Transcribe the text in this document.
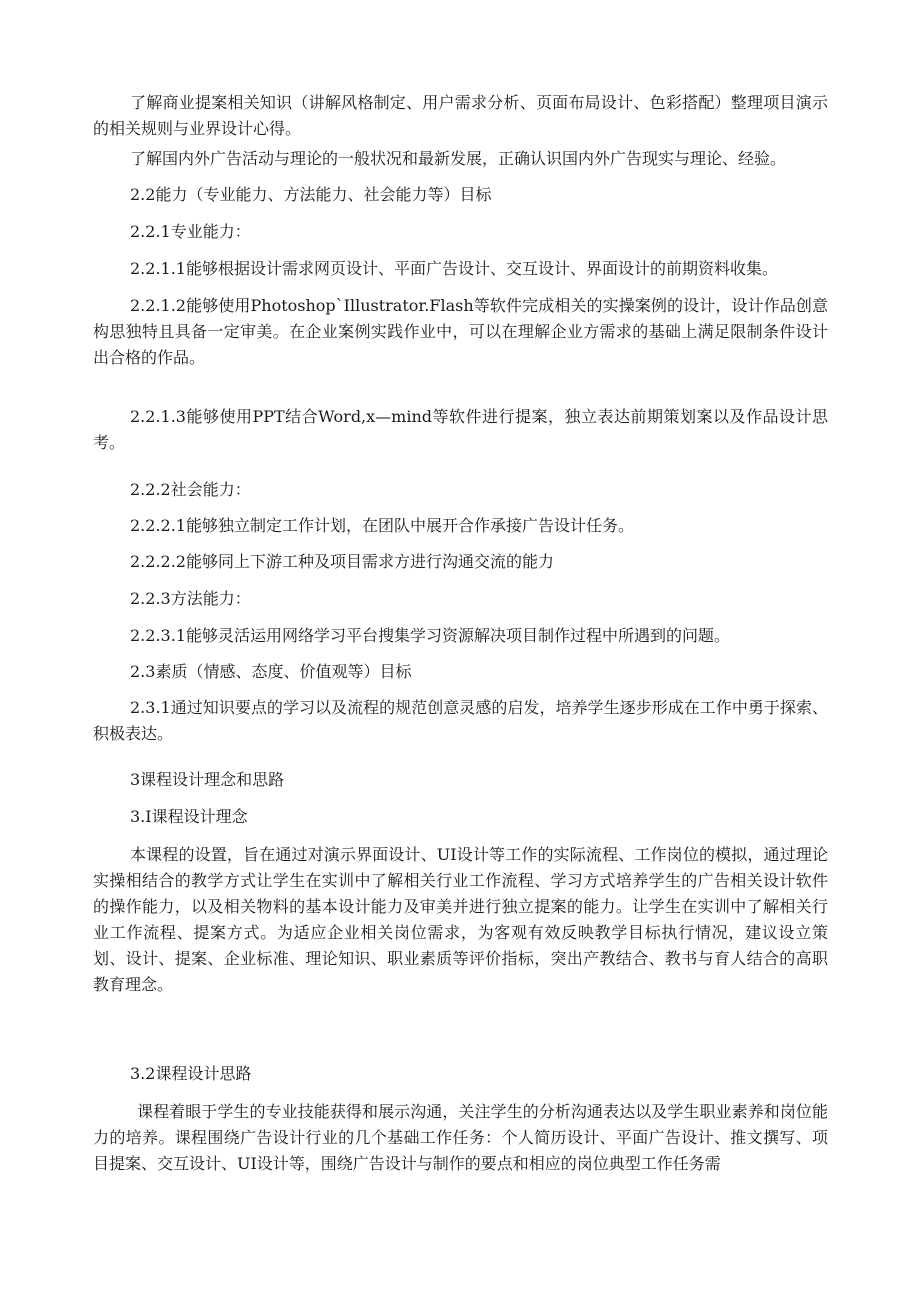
了解商业提案相关知识（讲解风格制定、用户需求分析、页面布局设计、色彩搭配）整理项目演示的相关规则与业界设计心得。

了解国内外广告活动与理论的一般状况和最新发展，正确认识国内外广告现实与理论、经验。

2.2能力（专业能力、方法能力、社会能力等）目标

2.2.1专业能力：

2.2.1.1能够根据设计需求网页设计、平面广告设计、交互设计、界面设计的前期资料收集。

2.2.1.2能够使用Photoshop`Illustrator.Flash等软件完成相关的实操案例的设计，设计作品创意构思独特且具备一定审美。在企业案例实践作业中，可以在理解企业方需求的基础上满足限制条件设计出合格的作品。

2.2.1.3能够使用PPT结合Word,x—mind等软件进行提案，独立表达前期策划案以及作品设计思考。

2.2.2社会能力：

2.2.2.1能够独立制定工作计划，在团队中展开合作承接广告设计任务。

2.2.2.2能够同上下游工种及项目需求方进行沟通交流的能力

2.2.3方法能力：

2.2.3.1能够灵活运用网络学习平台搜集学习资源解决项目制作过程中所遇到的问题。

2.3素质（情感、态度、价值观等）目标

2.3.1通过知识要点的学习以及流程的规范创意灵感的启发，培养学生逐步形成在工作中勇于探索、积极表达。

3课程设计理念和思路

3.I课程设计理念

本课程的设置，旨在通过对演示界面设计、UI设计等工作的实际流程、工作岗位的模拟，通过理论实操相结合的教学方式让学生在实训中了解相关行业工作流程、学习方式培养学生的广告相关设计软件的操作能力，以及相关物料的基本设计能力及审美并进行独立提案的能力。让学生在实训中了解相关行业工作流程、提案方式。为适应企业相关岗位需求，为客观有效反映教学目标执行情况，建议设立策划、设计、提案、企业标准、理论知识、职业素质等评价指标，突出产教结合、教书与育人结合的高职教育理念。

3.2课程设计思路

课程着眼于学生的专业技能获得和展示沟通，关注学生的分析沟通表达以及学生职业素养和岗位能力的培养。课程围绕广告设计行业的几个基础工作任务：个人简历设计、平面广告设计、推文撰写、项目提案、交互设计、UI设计等，围绕广告设计与制作的要点和相应的岗位典型工作任务需
